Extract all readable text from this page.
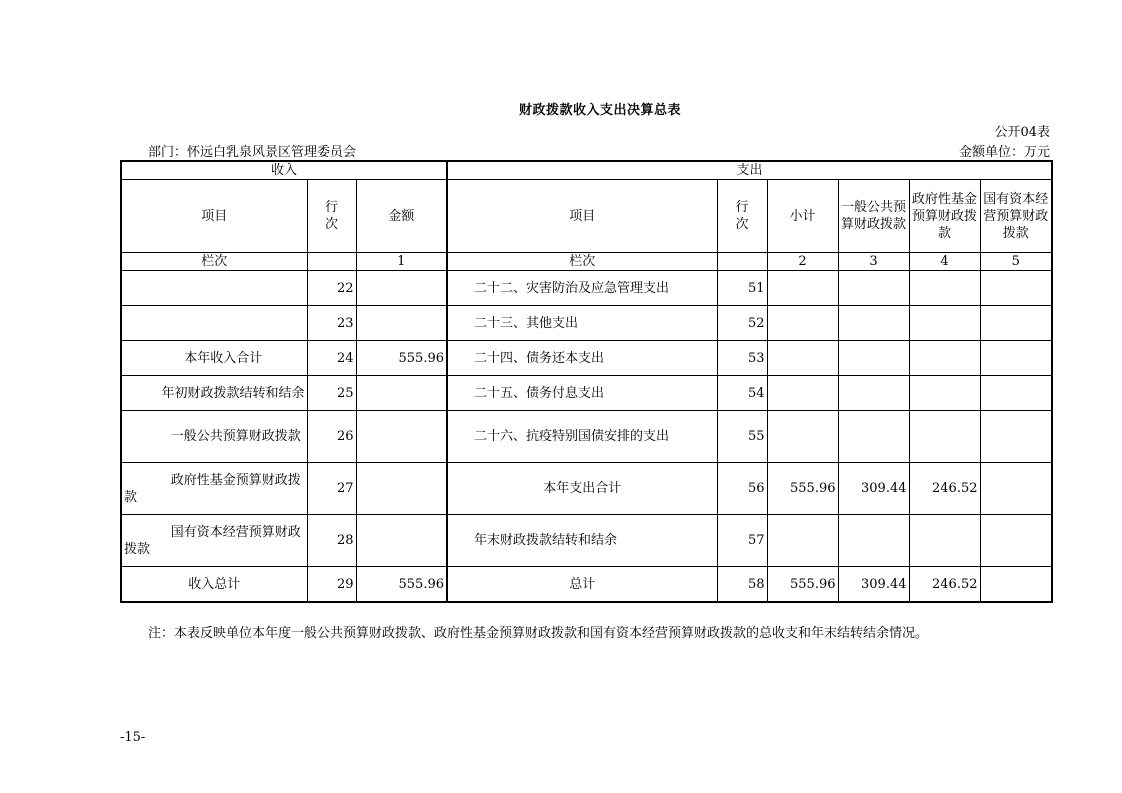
财政拨款收入支出决算总表
公开04表
部门：怀远白乳泉风景区管理委员会	金额单位：万元
收入			支出					
项目	行次	金额	项目	行次	小计	一般公共预算财政拨款	政府性基金预算财政拨款	国有资本经营预算财政拨款
栏次		1	栏次		2	3	4	5
	22		二十二、灾害防治及应急管理支出	51				
	23		二十三、其他支出	52				
本年收入合计	24	555.96	二十四、债务还本支出	53				
年初财政拨款结转和结余	25		二十五、债务付息支出	54				
一般公共预算财政拨款	26		二十六、抗疫特别国债安排的支出	55				
政府性基金预算财政拨款	27		本年支出合计	56	555.96	309.44	246.52	
国有资本经营预算财政拨款	28		年末财政拨款结转和结余	57				
收入总计	29	555.96	总计	58	555.96	309.44	246.52	
注：本表反映单位本年度一般公共预算财政拨款、政府性基金预算财政拨款和国有资本经营预算财政拨款的总收支和年末结转结余情况。
-15-
